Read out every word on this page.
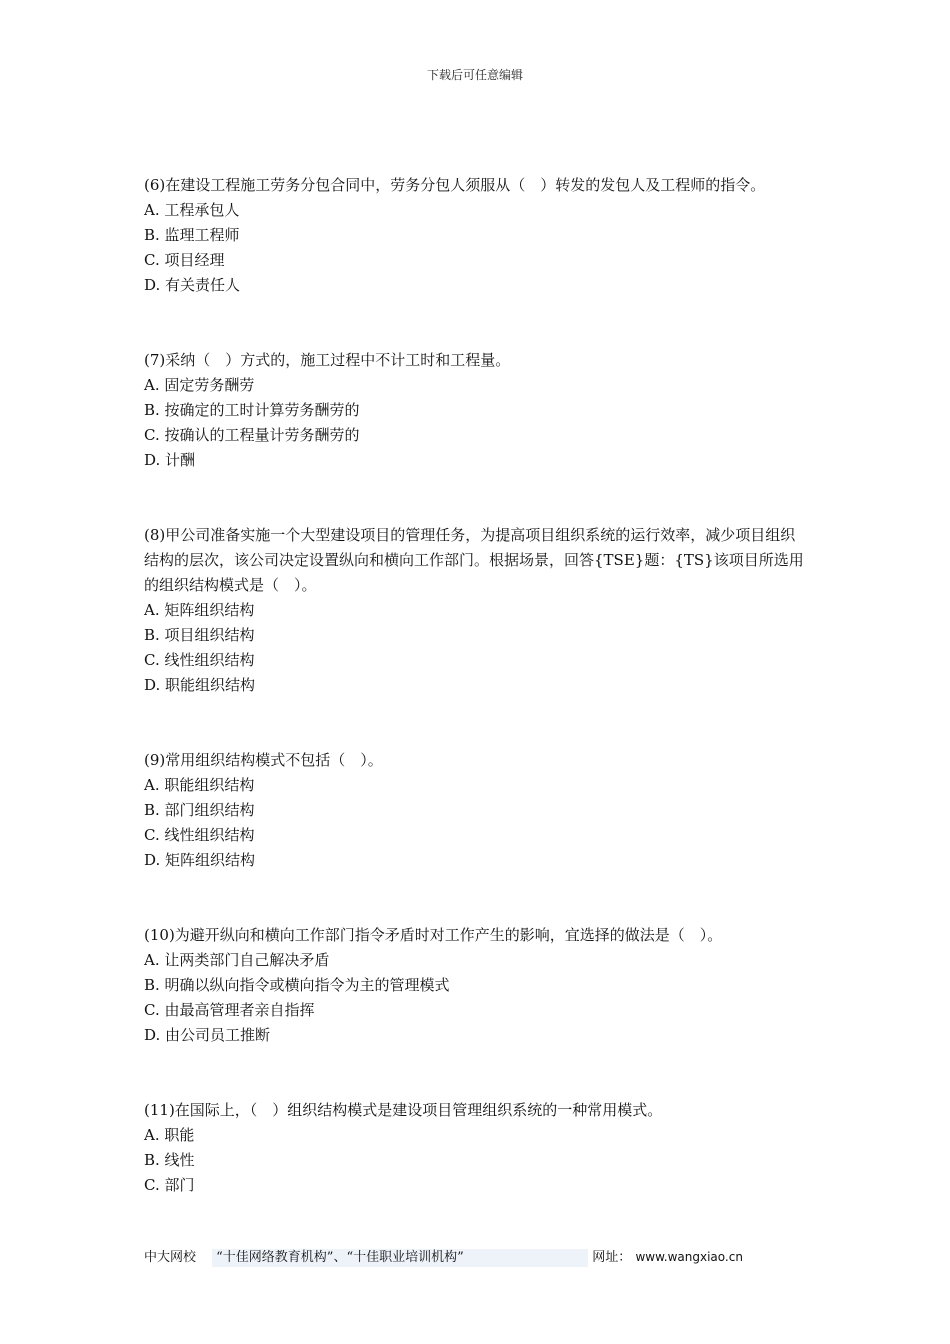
下载后可任意编辑

(6)在建设工程施工劳务分包合同中，劳务分包人须服从（　）转发的发包人及工程师的指令。

A. 工程承包人

B. 监理工程师

C. 项目经理

D. 有关责任人

(7)采纳（　）方式的，施工过程中不计工时和工程量。

A. 固定劳务酬劳

B. 按确定的工时计算劳务酬劳的

C. 按确认的工程量计劳务酬劳的

D. 计酬

(8)甲公司准备实施一个大型建设项目的管理任务，为提高项目组织系统的运行效率，减少项目组织结构的层次，该公司决定设置纵向和横向工作部门。根据场景，回答{TSE}题：{TS}该项目所选用的组织结构模式是（　）。

A. 矩阵组织结构

B. 项目组织结构

C. 线性组织结构

D. 职能组织结构

(9)常用组织结构模式不包括（　）。

A. 职能组织结构

B. 部门组织结构

C. 线性组织结构

D. 矩阵组织结构

(10)为避开纵向和横向工作部门指令矛盾时对工作产生的影响，宜选择的做法是（　）。

A. 让两类部门自己解决矛盾

B. 明确以纵向指令或横向指令为主的管理模式

C. 由最高管理者亲自指挥

D. 由公司员工推断

(11)在国际上，（　）组织结构模式是建设项目管理组织系统的一种常用模式。

A. 职能

B. 线性

C. 部门

中大网校 “十佳网络教育机构”、“十佳职业培训机构”	网址： www.wangxiao.cn
